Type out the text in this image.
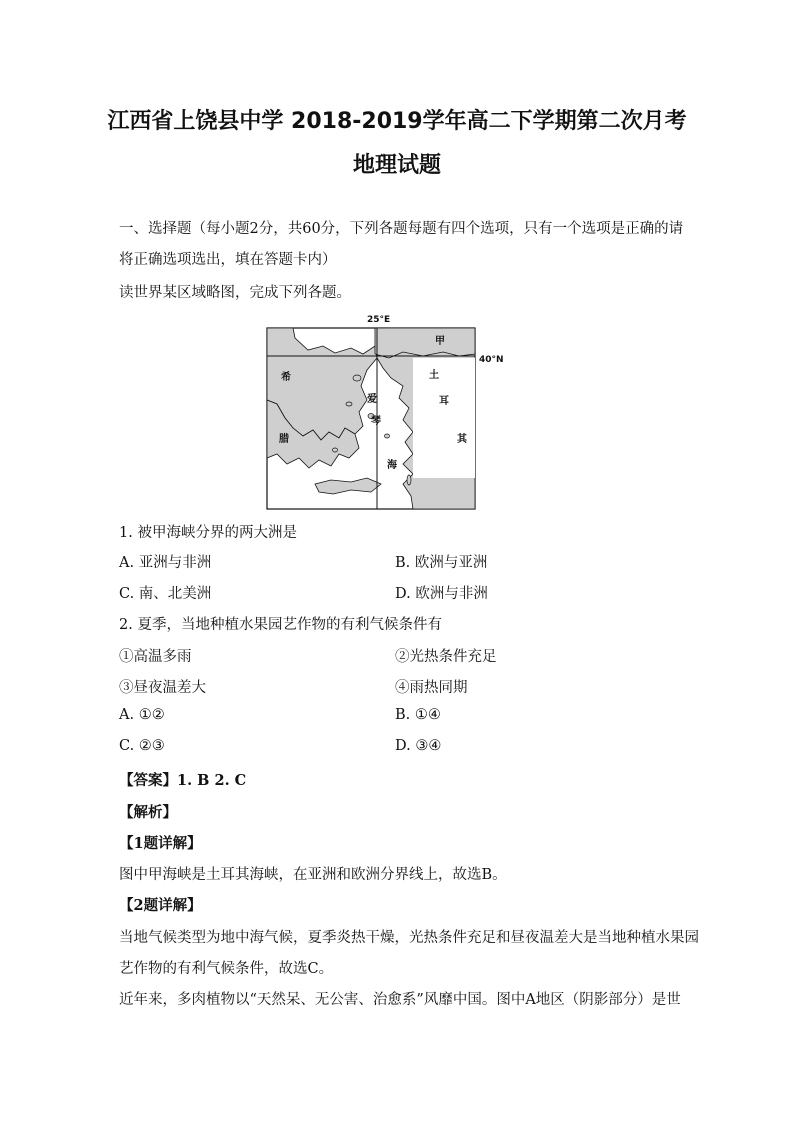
江西省上饶县中学 2018-2019学年高二下学期第二次月考
地理试题
一、选择题（每小题2分，共60分，下列各题每题有四个选项，只有一个选项是正确的请
将正确选项选出，填在答题卡内）
读世界某区域略图，完成下列各题。
25°E
40°N
甲
土
耳
其
希
腊
爱
琴
海
1. 被甲海峡分界的两大洲是
A. 亚洲与非洲	B. 欧洲与亚洲
C. 南、北美洲	D. 欧洲与非洲
2. 夏季，当地种植水果园艺作物的有利气候条件有
①高温多雨	②光热条件充足
③昼夜温差大	④雨热同期
A. ①②	B. ①④
C. ②③	D. ③④
【答案】1. B 2. C
【解析】
【1题详解】
图中甲海峡是土耳其海峡，在亚洲和欧洲分界线上，故选B。
【2题详解】
当地气候类型为地中海气候，夏季炎热干燥，光热条件充足和昼夜温差大是当地种植水果园
艺作物的有利气候条件，故选C。
近年来，多肉植物以“天然呆、无公害、治愈系”风靡中国。图中A地区（阴影部分）是世
